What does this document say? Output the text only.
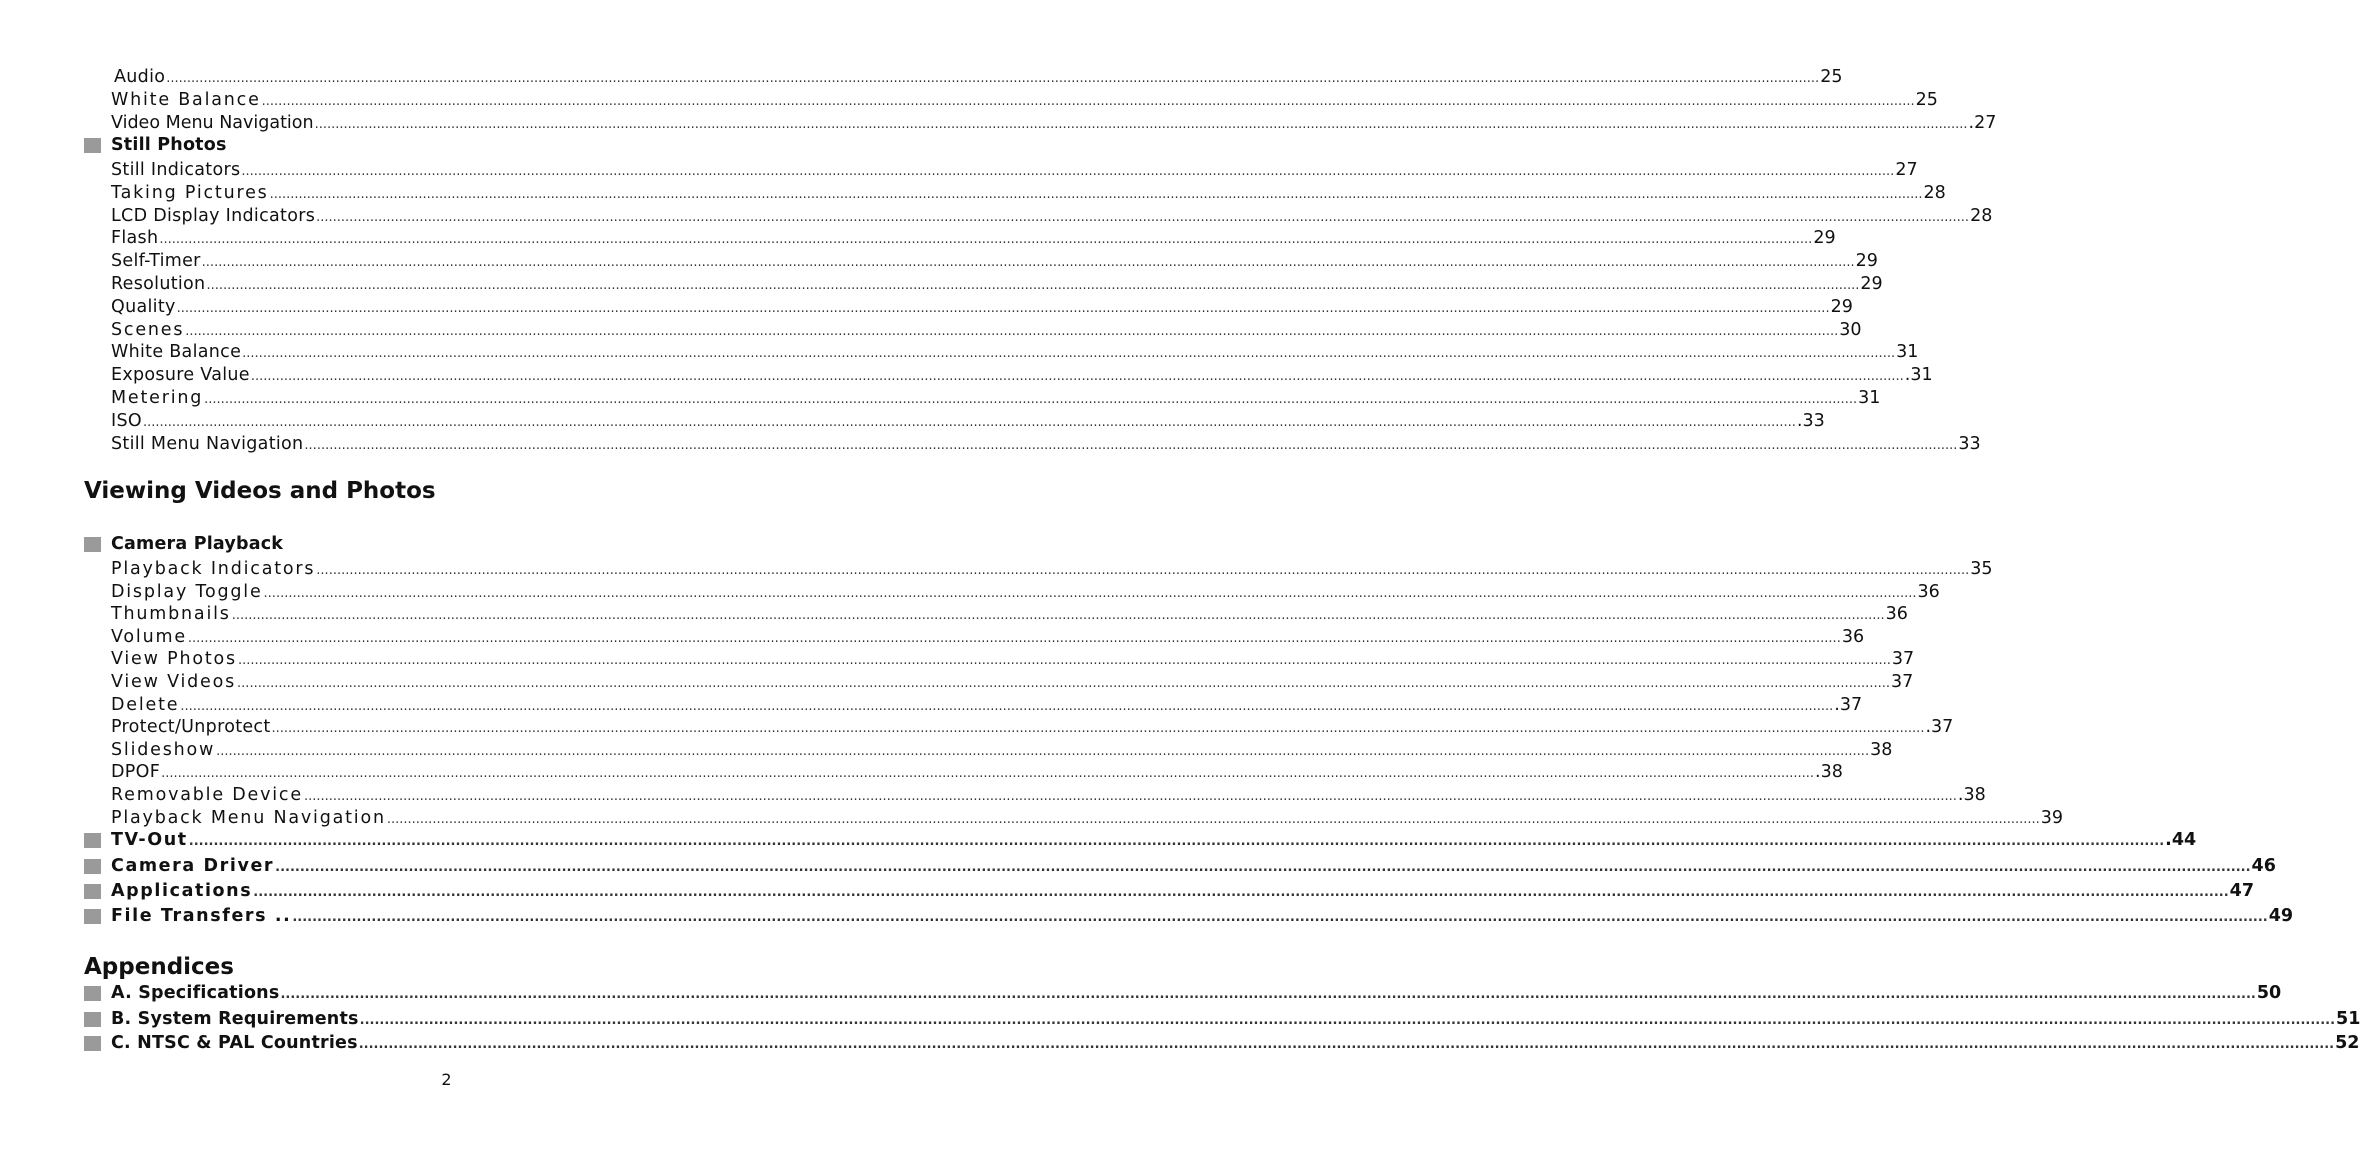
Audio ................................................................................................................................................................................................................................................................................................................................................................................................................ 25
White Balance ................................................................................................................................................................................................................................................................................................................................................................................................................ 25
Video Menu Navigation ................................................................................................................................................................................................................................................................................................................................................................................................................ .27
Still Photos
Still Indicators ................................................................................................................................................................................................................................................................................................................................................................................................................ 27
Taking Pictures ................................................................................................................................................................................................................................................................................................................................................................................................................ 28
LCD Display Indicators ................................................................................................................................................................................................................................................................................................................................................................................................................ 28
Flash ................................................................................................................................................................................................................................................................................................................................................................................................................ 29
Self-Timer ................................................................................................................................................................................................................................................................................................................................................................................................................ 29
Resolution ................................................................................................................................................................................................................................................................................................................................................................................................................ 29
Quality ................................................................................................................................................................................................................................................................................................................................................................................................................ 29
Scenes ................................................................................................................................................................................................................................................................................................................................................................................................................ 30
White Balance ................................................................................................................................................................................................................................................................................................................................................................................................................ 31
Exposure Value ................................................................................................................................................................................................................................................................................................................................................................................................................ .31
Metering ................................................................................................................................................................................................................................................................................................................................................................................................................ 31
ISO ................................................................................................................................................................................................................................................................................................................................................................................................................ .33
Still Menu Navigation ................................................................................................................................................................................................................................................................................................................................................................................................................ 33
Viewing Videos and Photos
Camera Playback
Playback Indicators ................................................................................................................................................................................................................................................................................................................................................................................................................ 35
Display Toggle ................................................................................................................................................................................................................................................................................................................................................................................................................ 36
Thumbnails ................................................................................................................................................................................................................................................................................................................................................................................................................ 36
Volume ................................................................................................................................................................................................................................................................................................................................................................................................................ 36
View Photos ................................................................................................................................................................................................................................................................................................................................................................................................................ 37
View Videos ................................................................................................................................................................................................................................................................................................................................................................................................................ 37
Delete ................................................................................................................................................................................................................................................................................................................................................................................................................ .37
Protect/Unprotect ................................................................................................................................................................................................................................................................................................................................................................................................................ .37
Slideshow ................................................................................................................................................................................................................................................................................................................................................................................................................ 38
DPOF ................................................................................................................................................................................................................................................................................................................................................................................................................ .38
Removable Device ................................................................................................................................................................................................................................................................................................................................................................................................................ .38
Playback Menu Navigation ................................................................................................................................................................................................................................................................................................................................................................................................................ 39
TV-Out ................................................................................................................................................................................................................................................................................................................................................................................................................ .44
Camera Driver ................................................................................................................................................................................................................................................................................................................................................................................................................ 46
Applications ................................................................................................................................................................................................................................................................................................................................................................................................................ 47
File Transfers .. ................................................................................................................................................................................................................................................................................................................................................................................................................ 49
Appendices
A. Specifications ................................................................................................................................................................................................................................................................................................................................................................................................................ 50
B. System Requirements ................................................................................................................................................................................................................................................................................................................................................................................................................ 51
C. NTSC & PAL Countries ................................................................................................................................................................................................................................................................................................................................................................................................................ 52
2
